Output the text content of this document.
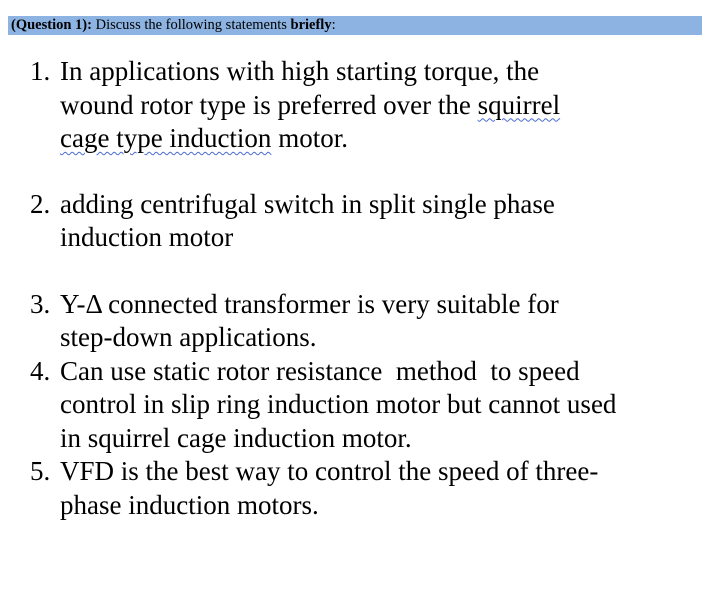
(Question 1): Discuss the following statements briefly:
1. In applications with high starting torque, the
wound rotor type is preferred over the squirrel
cage type induction motor.
2. adding centrifugal switch in split single phase
induction motor
3. Y-Δ connected transformer is very suitable for
step-down applications.
4. Can use static rotor resistance  method  to speed
control in slip ring induction motor but cannot used
in squirrel cage induction motor.
5. VFD is the best way to control the speed of three-
phase induction motors.
